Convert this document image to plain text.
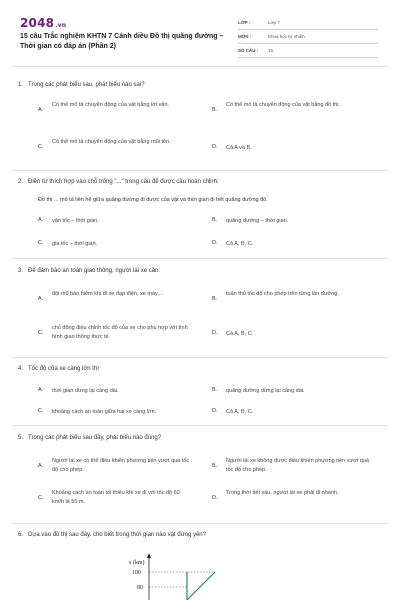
2048.vn
15 câu Trắc nghiệm KHTN 7 Cánh diều Đồ thị quãng đường – Thời gian có đáp án (Phần 2)
LỚP :	Lớp 7
MÔN :	Khoa học tự nhiên
SỐ CÂU : 15
1. Trong các phát biểu sau, phát biểu nào sai?
A.
Có thể mô tả chuyển động của vật bằng lời văn.
B.
Có thể mô tả chuyển động của vật bằng đồ thị.
C.
Có thể mô tả chuyển động của vật bằng mũi tên.
D. Cả A và B.
2. Điền từ thích hợp vào chỗ trống "..." trong câu để được câu hoàn chỉnh:
Đồ thị ... mô tả liên hệ giữa quãng đường đi được của vật và thời gian đi hết quãng đường đó.
A. vận tốc – thời gian.	B. quãng đường – thời gian.
C. gia tốc – thời gian.	D. Cả A, B, C.
3. Để đảm bảo an toàn giao thông, người lái xe cần:
A.
đội mũ bảo hiểm khi đi xe đạp điện, xe máy,...
B.
tuân thủ tốc độ cho phép trên từng làn đường.
C.
chủ động điều chỉnh tốc độ của xe cho phù hợp với tình hình giao thông thực tế.
D. Cả A, B, C.
4. Tốc độ của xe càng lớn thì
A. thời gian dừng lại càng dài.	B. quãng đường dừng lại càng dài.
C. khoảng cách an toàn giữa hai xe càng lớn.	D. Cả A, B, C.
5. Trong các phát biểu sau đây, phát biểu nào đúng?
A.
Người lái xe có thể điều khiển phương tiện vượt quá tốc độ cho phép.
B.
Người lái xe không được điều khiển phương tiện vượt quá tốc độ cho phép.
C.
Khoảng cách an toàn tối thiểu khi xe đi với tốc độ 60 km/h là 55 m.
D.
Trong thời tiết xấu, người lái xe phải đi nhanh.
6. Dựa vào đồ thị sau đây, cho biết trong thời gian nào vật đứng yên?
s (km)
100
80
